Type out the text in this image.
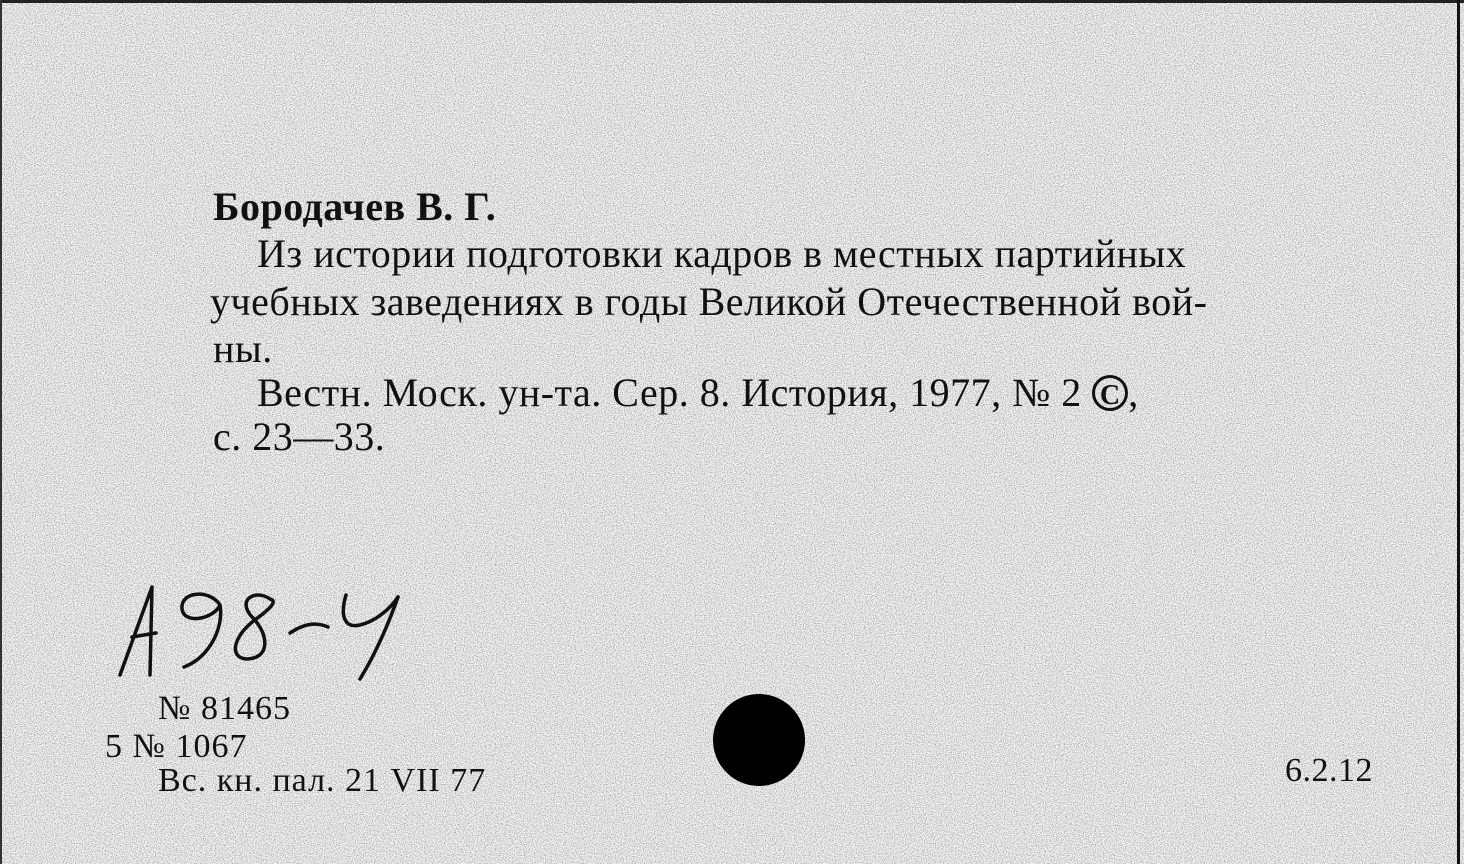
Бородачев В. Г.
Из истории подготовки кадров в местных партийных
учебных заведениях в годы Великой Отечественной вой-
ны.
Вестн. Моск. ун-та. Сер. 8. История, 1977, № 2 C ,
с. 23—33.
№ 81465
5 № 1067
Вс. кн. пал. 21 VII 77	6.2.12
